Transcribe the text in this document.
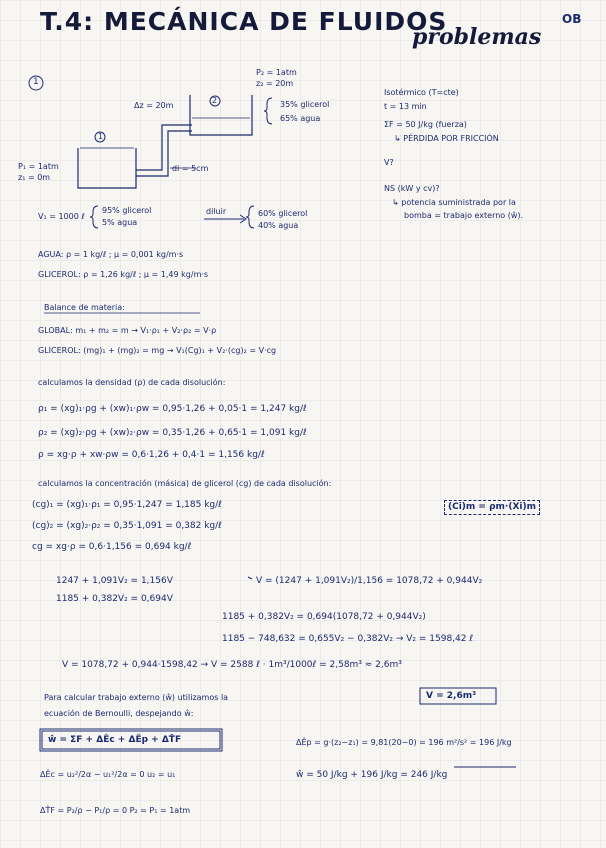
T.4: MECÁNICA DE FLUIDOS
problemas
OB
1
P₂ = 1atm
z₂ = 20m
Δz = 20m
2
1
35% glicerol
65% agua
P₁ = 1atm
z₁ = 0m
di = 5cm
V₁ = 1000 ℓ
95% glicerol
5% agua
diluir	60% glicerol
40% agua
Isotérmico (T=cte)
t = 13 min
ΣF = 50 J/kg (fuerza)
↳ PÉRDIDA POR FRICCIÓN
V?
NS (kW y cv)?
↳ potencia suministrada por la
bomba = trabajo externo (ŵ).
AGUA: ρ = 1 kg/ℓ ; μ = 0,001 kg/m·s
GLICEROL: ρ = 1,26 kg/ℓ ; μ = 1,49 kg/m·s
Balance de materia:
GLOBAL: m₁ + m₂ = m → V₁·ρ₁ + V₂·ρ₂ = V·ρ
GLICEROL: (mg)₁ + (mg)₂ = mg → V₁(Cg)₁ + V₂·(cg)₂ = V·cg
calculamos la densidad (ρ) de cada disolución:
ρ₁ = (xg)₁·ρg + (xw)₁·ρw = 0,95·1,26 + 0,05·1 = 1,247 kg/ℓ
ρ₂ = (xg)₂·ρg + (xw)₂·ρw = 0,35·1,26 + 0,65·1 = 1,091 kg/ℓ
ρ = xg·ρ + xw·ρw = 0,6·1,26 + 0,4·1 = 1,156 kg/ℓ
calculamos la concentración (másica) de glicerol (cg) de cada disolución:
(cg)₁ = (xg)₁·ρ₁ = 0,95·1,247 = 1,185 kg/ℓ
(cg)₂ = (xg)₂·ρ₂ = 0,35·1,091 = 0,382 kg/ℓ
cg = xg·ρ = 0,6·1,156 = 0,694 kg/ℓ
(Ci)m = ρm·(Xi)m
1247 + 1,091V₂ = 1,156V
1185 + 0,382V₂ = 0,694V
V = (1247 + 1,091V₂)/1,156 = 1078,72 + 0,944V₂
1185 + 0,382V₂ = 0,694(1078,72 + 0,944V₂)
1185 − 748,632 = 0,655V₂ − 0,382V₂ → V₂ = 1598,42 ℓ
V = 1078,72 + 0,944·1598,42 → V = 2588 ℓ · 1m³/1000ℓ = 2,58m³ ≈ 2,6m³
V = 2,6m³
Para calcular trabajo externo (ŵ) utilizamos la
ecuación de Bernoulli, despejando ŵ:
ŵ = ΣF + ΔÊc + ΔÊp + ΔT̂F	ΔÊp = g·(z₂−z₁) = 9,81(20−0) = 196 m²/s² = 196 J/kg
ΔÊc = u₂²/2α − u₁²/2α = 0 u₂ = u₁	ŵ = 50 J/kg + 196 J/kg = 246 J/kg
ΔT̂F = P₂/ρ − P₁/ρ = 0 P₂ = P₁ = 1atm
